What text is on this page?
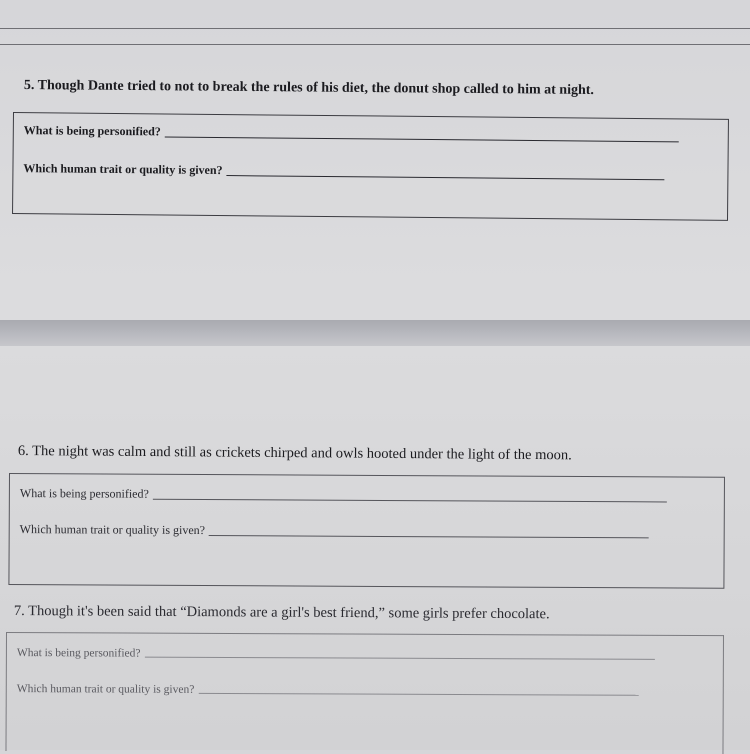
5. Though Dante tried to not to break the rules of his diet, the donut shop called to him at night.
What is being personified?
Which human trait or quality is given?
6. The night was calm and still as crickets chirped and owls hooted under the light of the moon.
What is being personified?
Which human trait or quality is given?
7. Though it's been said that “Diamonds are a girl's best friend,” some girls prefer chocolate.
What is being personified?
Which human trait or quality is given?
